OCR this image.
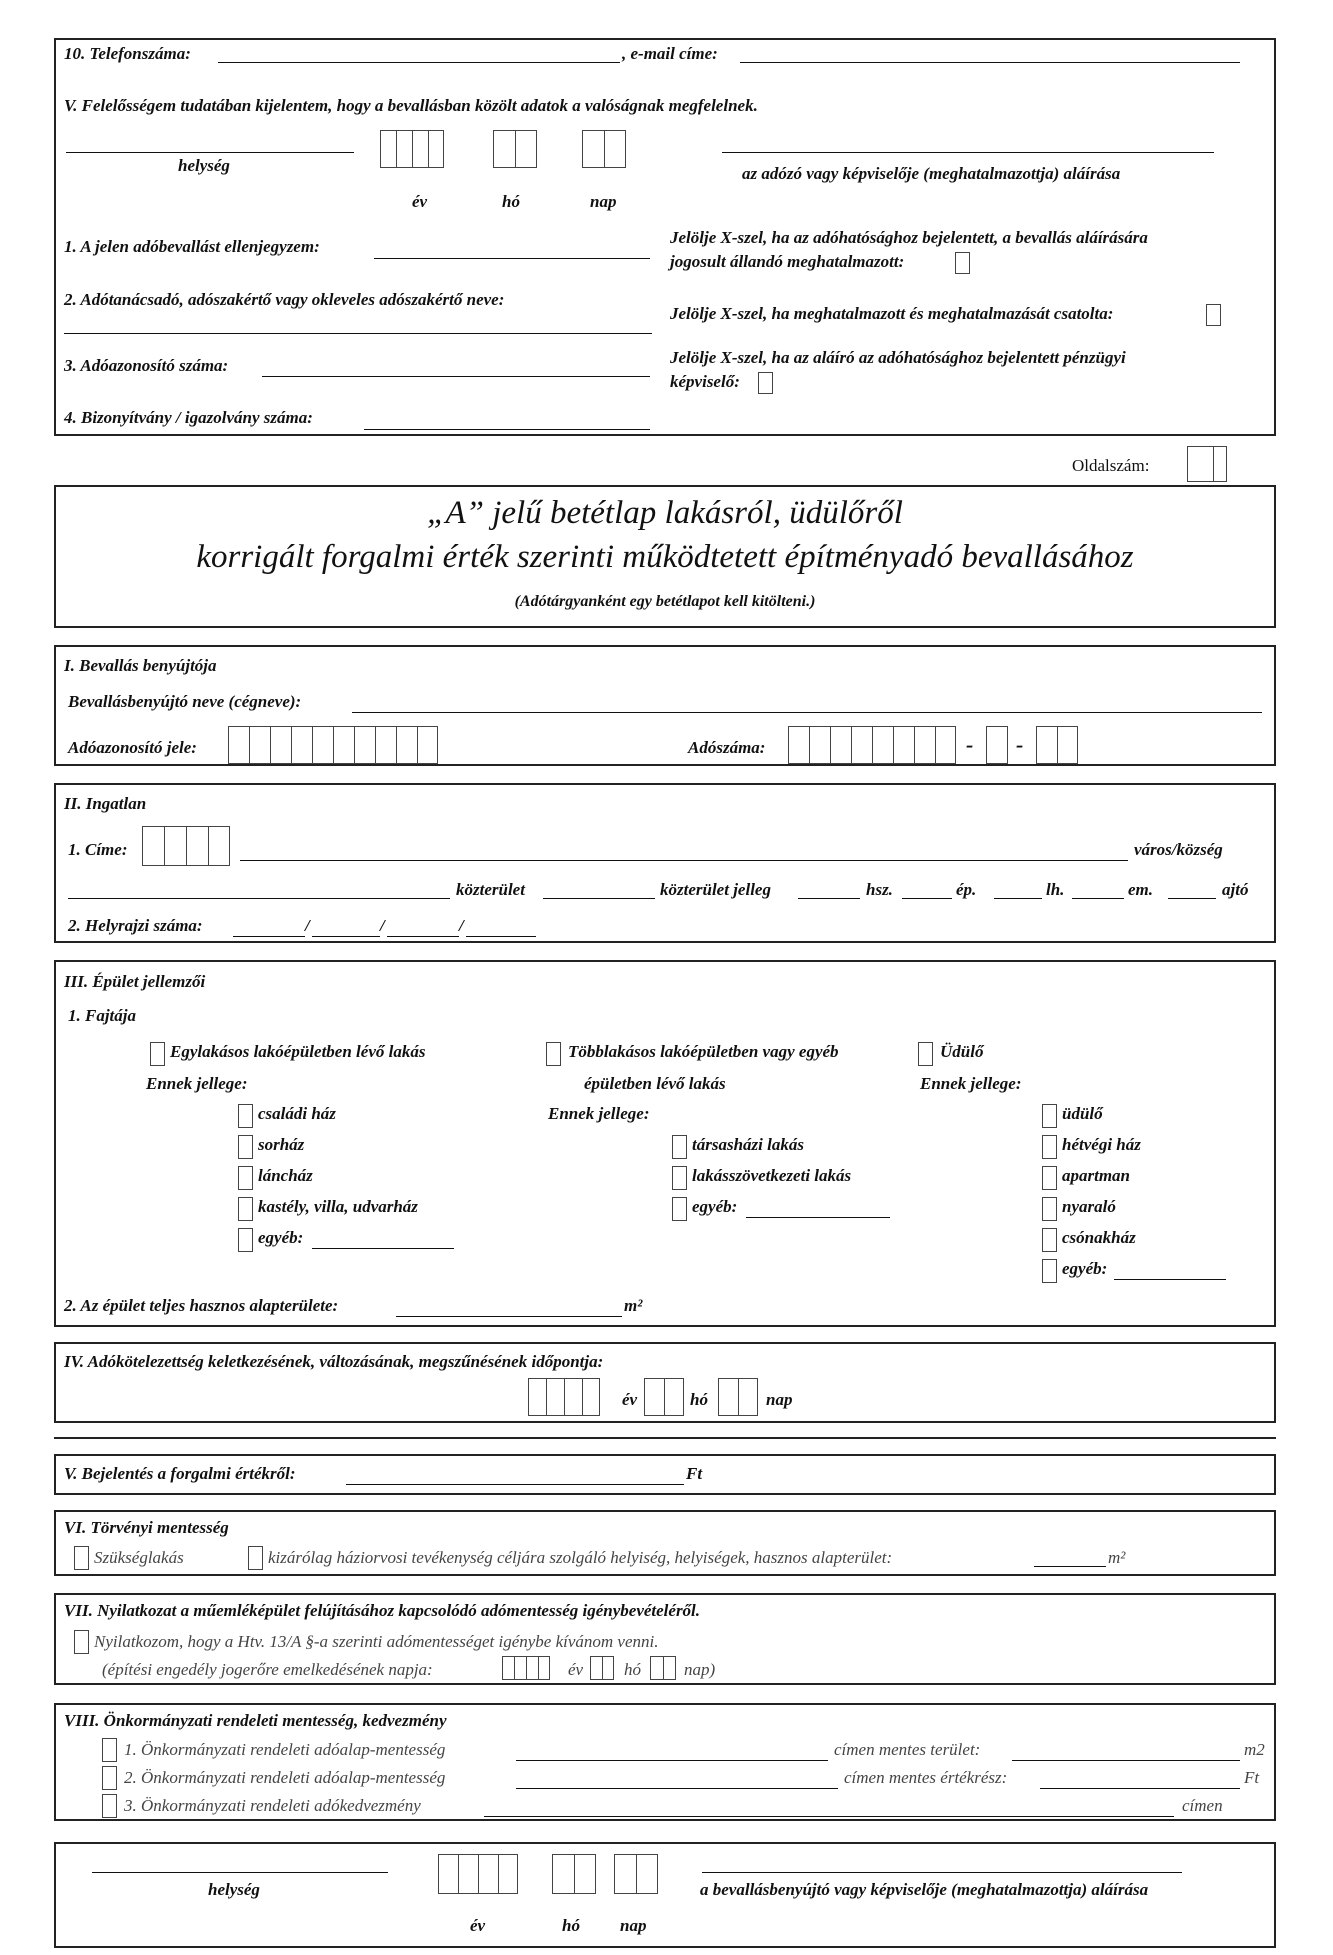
10. Telefonszáma:	, e-mail címe:
V. Felelősségem tudatában kijelentem, hogy a bevallásban közölt adatok a valóságnak megfelelnek.
helység
év	hó	nap
az adózó vagy képviselője (meghatalmazottja) aláírása
1. A jelen adóbevallást ellenjegyzem:
2. Adótanácsadó, adószakértő vagy okleveles adószakértő neve:
3. Adóazonosító száma:
4. Bizonyítvány / igazolvány száma:
Jelölje X-szel, ha az adóhatósághoz bejelentett, a bevallás aláírására
jogosult állandó meghatalmazott:
Jelölje X-szel, ha meghatalmazott és meghatalmazását csatolta:
Jelölje X-szel, ha az aláíró az adóhatósághoz bejelentett pénzügyi
képviselő:
Oldalszám:
„A” jelű betétlap lakásról, üdülőről
korrigált forgalmi érték szerinti működtetett építményadó bevallásához
(Adótárgyanként egy betétlapot kell kitölteni.)
I. Bevallás benyújtója
Bevallásbenyújtó neve (cégneve):
Adóazonosító jele:	Adószáma:	- -
II. Ingatlan
1. Címe:	város/község
közterület	közterület jelleg	hsz.	ép.	lh.	em.	ajtó
2. Helyrajzi száma:	/	/	/
III. Épület jellemzői
1. Fajtája
Egylakásos lakóépületben lévő lakás
Ennek jellege:
családi ház
sorház
láncház
kastély, villa, udvarház
egyéb:
Többlakásos lakóépületben vagy egyéb
épületben lévő lakás
Ennek jellege:
társasházi lakás
lakásszövetkezeti lakás
egyéb:
Üdülő
Ennek jellege:
üdülő
hétvégi ház
apartman
nyaraló
csónakház
egyéb:
2. Az épület teljes hasznos alapterülete:	m²
IV. Adókötelezettség keletkezésének, változásának, megszűnésének időpontja:
év	hó	nap
V. Bejelentés a forgalmi értékről:	Ft
VI. Törvényi mentesség
Szükséglakás	kizárólag háziorvosi tevékenység céljára szolgáló helyiség, helyiségek, hasznos alapterület:	m²
VII. Nyilatkozat a műemléképület felújításához kapcsolódó adómentesség igénybevételéről.
Nyilatkozom, hogy a Htv. 13/A §-a szerinti adómentességet igénybe kívánom venni.
(építési engedély jogerőre emelkedésének napja:	év hó	nap)
VIII. Önkormányzati rendeleti mentesség, kedvezmény
1. Önkormányzati rendeleti adóalap-mentesség	címen mentes terület:	m2
2. Önkormányzati rendeleti adóalap-mentesség	címen mentes értékrész:	Ft
3. Önkormányzati rendeleti adókedvezmény	címen
helység
év	hó nap
a bevallásbenyújtó vagy képviselője (meghatalmazottja) aláírása
